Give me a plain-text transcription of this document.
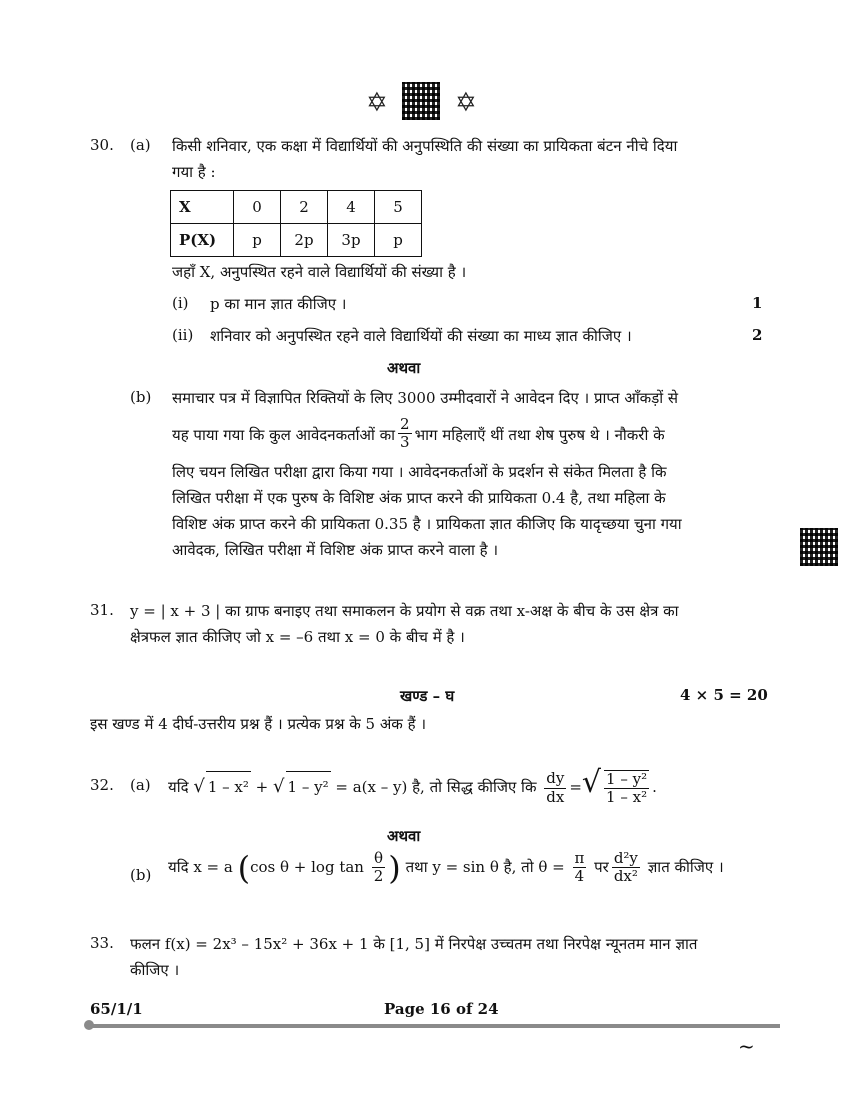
✡	✡
30. (a) किसी शनिवार, एक कक्षा में विद्यार्थियों की अनुपस्थिति की संख्या का प्रायिकता बंटन नीचे दिया
गया है :
X	0	2	4	5
P(X)	p	2p	3p	p
जहाँ X, अनुपस्थित रहने वाले विद्यार्थियों की संख्या है ।
(i) p का मान ज्ञात कीजिए ।	1
(ii) शनिवार को अनुपस्थित रहने वाले विद्यार्थियों की संख्या का माध्य ज्ञात कीजिए ।	2
अथवा
(b) समाचार पत्र में विज्ञापित रिक्तियों के लिए 3000 उम्मीदवारों ने आवेदन दिए । प्राप्त आँकड़ों से
यह पाया गया कि कुल आवेदनकर्ताओं का $\frac{2}{3}$ भाग महिलाएँ थीं तथा शेष पुरुष थे । नौकरी के
लिए चयन लिखित परीक्षा द्वारा किया गया । आवेदनकर्ताओं के प्रदर्शन से संकेत मिलता है कि
लिखित परीक्षा में एक पुरुष के विशिष्ट अंक प्राप्त करने की प्रायिकता 0.4 है, तथा महिला के
विशिष्ट अंक प्राप्त करने की प्रायिकता 0.35 है । प्रायिकता ज्ञात कीजिए कि यादृच्छया चुना गया
आवेदक, लिखित परीक्षा में विशिष्ट अंक प्राप्त करने वाला है ।
31. y = | x + 3 | का ग्राफ बनाइए तथा समाकलन के प्रयोग से वक्र तथा x-अक्ष के बीच के उस क्षेत्र का
क्षेत्रफल ज्ञात कीजिए जो x = –6 तथा x = 0 के बीच में है ।
खण्ड – घ	4 × 5 = 20
इस खण्ड में 4 दीर्घ-उत्तरीय प्रश्न हैं । प्रत्येक प्रश्न के 5 अंक हैं ।
32. (a) यदि √ 1 – x² + √ 1 – y² = a(x – y) है, तो सिद्ध कीजिए कि $\frac{dy}{dx}$ =√ $\frac{\text{1 – y²}}{\text{1 – x²}}$ .
अथवा
(b) यदि x = a (cos $\theta + \log \tan \frac{\theta}{2}$ ) तथा y = sin θ है, तो $\theta = \frac{\pi}{4}$ पर $\frac{\text{d²y}}{\text{dx²}}$ ज्ञात कीजिए ।
33. फलन f(x) = 2x³ – 15x² + 36x + 1 के [1, 5] में निरपेक्ष उच्चतम तथा निरपेक्ष न्यूनतम मान ज्ञात
कीजिए ।
65/1/1	Page 16 of 24
~
